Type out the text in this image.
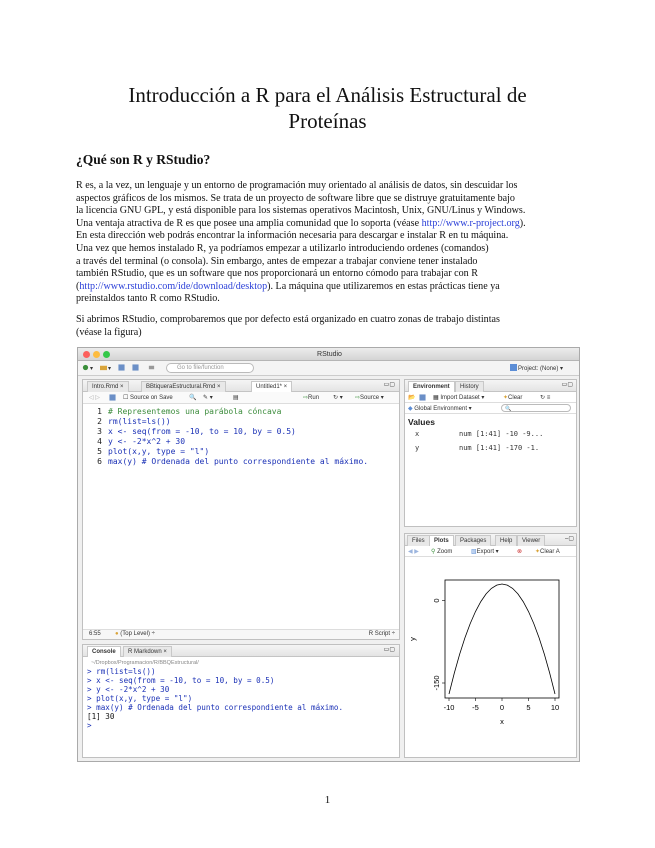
Introducción a R para el Análisis Estructural de
Proteínas
¿Qué son R y RStudio?
R es, a la vez, un lenguaje y un entorno de programación muy orientado al análisis de datos, sin descuidar los
aspectos gráficos de los mismos. Se trata de un proyecto de software libre que se distruye gratuitamente bajo
la licencia GNU GPL, y está disponible para los sistemas operativos Macintosh, Unix, GNU/Linus y Windows.
Una ventaja atractiva de R es que posee una amplia comunidad que lo soporta (véase http://www.r-project.org).
En esta dirección web podrás encontrar la información necesaria para descargar e instalar R en tu máquina.
Una vez que hemos instalado R, ya podríamos empezar a utilizarlo introduciendo ordenes (comandos)
a través del terminal (o consola). Sin embargo, antes de empezar a trabajar conviene tener instalado
también RStudio, que es un software que nos proporcionará un entorno cómodo para trabajar con R
(http://www.rstudio.com/ide/download/desktop). La máquina que utilizaremos en estas prácticas tiene ya
preinstaldos tanto R como RStudio.
Si abrimos RStudio, comprobaremos que por defecto está organizado en cuatro zonas de trabajo distintas
(véase la figura)
RStudio
▾	▾	Go to file/function	Project: (None) ▾
Intro.Rmd ×	BBtiqueraEstructural.Rmd ×	Untitled1* ×	▭▢
◁ ▷	☐ Source on Save	🔍 ✎ ▾	▤	⇨Run ↻ ▾ ⇨Source ▾
1 # Representemos una parábola cóncava
2 rm(list=ls())
3 x <- seq(from = -10, to = 10, by = 0.5)
4 y <- -2*x^2 + 30
5 plot(x,y, type = "l")
6 max(y) # Ordenada del punto correspondiente al máximo.
6:55 ● (Top Level) ÷	R Script ÷
Console	R Markdown ×	▭▢
~/Dropbox/Programacion/R/BBQEstructural/
> rm(list=ls())
> x <- seq(from = -10, to = 10, by = 0.5)
> y <- -2*x^2 + 30
> plot(x,y, type = "l")
> max(y) # Ordenada del punto correspondiente al máximo.
[1] 30
>
Environment	History	▭▢
📂	▦ Import Dataset ▾	✦Clear	↻ ≡
◆ Global Environment ▾	🔍
Values
x	num [1:41] -10 -9...
y	num [1:41] -170 -1.
Files	Plots	Packages	Help	Viewer	–▢
◀ ▶ ⚲ Zoom	▧Export ▾	⊗ ✦Clear A
-10 -5	0	5	10
-150
0
x
y
1
